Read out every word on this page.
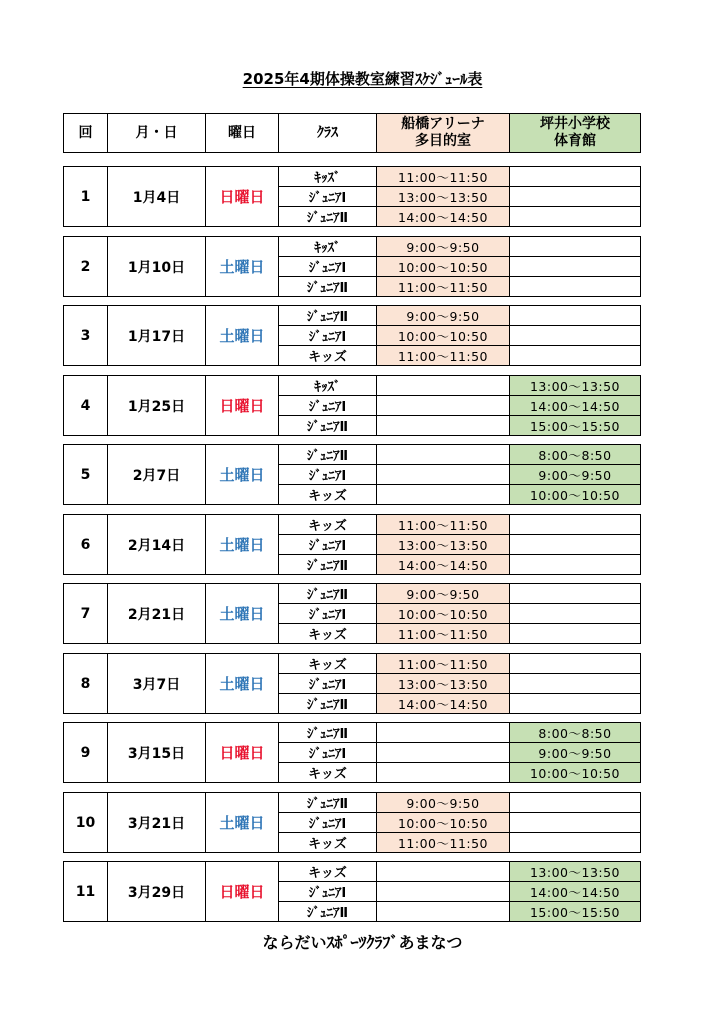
2025年4期体操教室練習ｽｹｼﾞｭｰﾙ表
回	月・日	曜日	ｸﾗｽ	船橋アリーナ
多目的室	坪井小学校
体育館
1	1月4日	日曜日	ｷｯｽﾞ	11:00～11:50	
			ｼﾞｭﾆｱⅠ	13:00～13:50	
			ｼﾞｭﾆｱⅡ	14:00～14:50	
2	1月10日	土曜日	ｷｯｽﾞ	9:00～9:50	
			ｼﾞｭﾆｱⅠ	10:00～10:50	
			ｼﾞｭﾆｱⅡ	11:00～11:50	
3	1月17日	土曜日	ｼﾞｭﾆｱⅡ	9:00～9:50	
			ｼﾞｭﾆｱⅠ	10:00～10:50	
			キッズ	11:00～11:50	
4	1月25日	日曜日	ｷｯｽﾞ		13:00～13:50
			ｼﾞｭﾆｱⅠ		14:00～14:50
			ｼﾞｭﾆｱⅡ		15:00～15:50
5	2月7日	土曜日	ｼﾞｭﾆｱⅡ		8:00～8:50
			ｼﾞｭﾆｱⅠ		9:00～9:50
			キッズ		10:00～10:50
6	2月14日	土曜日	キッズ	11:00～11:50	
			ｼﾞｭﾆｱⅠ	13:00～13:50	
			ｼﾞｭﾆｱⅡ	14:00～14:50	
7	2月21日	土曜日	ｼﾞｭﾆｱⅡ	9:00～9:50	
			ｼﾞｭﾆｱⅠ	10:00～10:50	
			キッズ	11:00～11:50	
8	3月7日	土曜日	キッズ	11:00～11:50	
			ｼﾞｭﾆｱⅠ	13:00～13:50	
			ｼﾞｭﾆｱⅡ	14:00～14:50	
9	3月15日	日曜日	ｼﾞｭﾆｱⅡ		8:00～8:50
			ｼﾞｭﾆｱⅠ		9:00～9:50
			キッズ		10:00～10:50
10	3月21日	土曜日	ｼﾞｭﾆｱⅡ	9:00～9:50	
			ｼﾞｭﾆｱⅠ	10:00～10:50	
			キッズ	11:00～11:50	
11	3月29日	日曜日	キッズ		13:00～13:50
			ｼﾞｭﾆｱⅠ		14:00～14:50
			ｼﾞｭﾆｱⅡ		15:00～15:50
ならだいｽﾎﾟｰﾂｸﾗﾌﾞあまなつ
